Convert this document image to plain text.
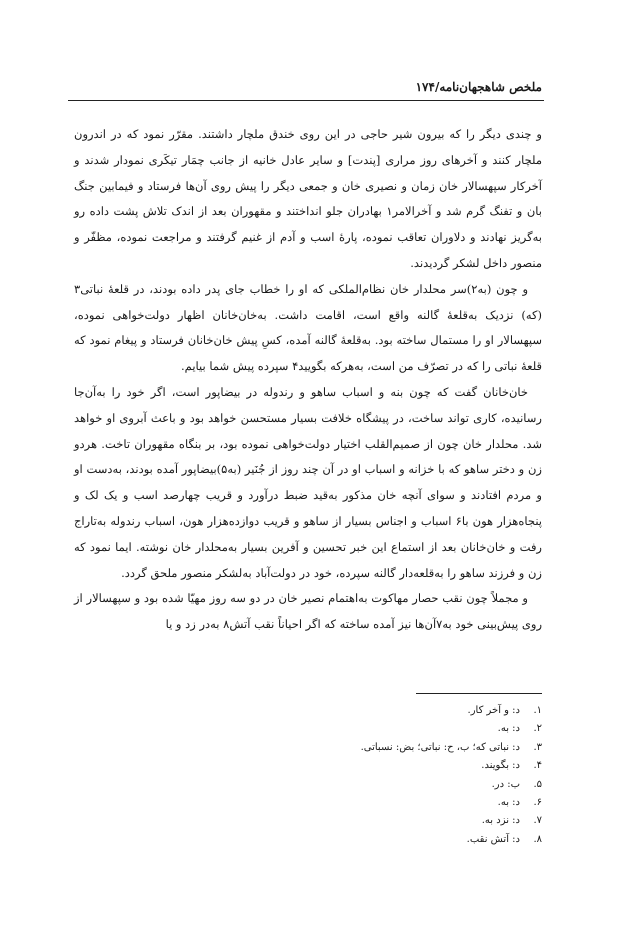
ملخص شاهجهان‌نامه/۱۷۴

و چندی دیگر را که بیرون شیر حاجی در این روی خندق ملچار داشتند. مقرّر نمود که در اندرون ملچار کنند و آخرهای روز مراری [پندت] و سایر عادل خانیه از جانب چمَار تیکَری نمودار شدند و آخرکار سپهسالار خان زمان و نصیری خان و جمعی دیگر را پیش روی آن‌ها فرستاد و فیمابین جنگ بان و تفنگ گرم شد و آخرالامر۱ بهادران جلو انداختند و مقهوران بعد از اندک تلاش پشت داده رو به‌گریز نهادند و دلاوران تعاقب نموده، پارهٔ اسب و آدم از غنیم گرفتند و مراجعت نموده، مظفّر و منصور داخل لشکر گردیدند.

و چون (به۲)سر محلدار خان نظام‌الملکی که او را خطاب جای پدر داده بودند، در قلعهٔ نباتی۳ (که) نزدیک به‌قلعهٔ گالنه واقع است، اقامت داشت. به‌خان‌خانان اظهار دولت‌خواهی نموده، سپهسالار او را مستمال ساخته بود. به‌قلعهٔ گالنه آمده، کسِ پیش خان‌خانان فرستاد و پیغام نمود که قلعهٔ نباتی را که در تصرّف من است، به‌هرکه بگویید۴ سپرده پیش شما بیایم.

خان‌خانان گفت که چون بنه و اسباب ساهو و رندوله در بیضاپور است، اگر خود را به‌آن‌جا رسانیده، کاری تواند ساخت، در پیشگاه خلافت بسیار مستحسن خواهد بود و باعث آبروی او خواهد شد. محلدار خان چون از صمیم‌القلب اختیار دولت‌خواهی نموده بود، بر بنگاه مقهوران تاخت. هردو زن و دختر ساهو که با خزانه و اسباب او در آن چند روز از جُنَیر (به۵)بیضاپور آمده بودند، به‌دست او و مردم افتادند و سوای آنچه خان مذکور به‌قید ضبط درآورد و قریب چهارصد اسب و یک لک و پنجاه‌هزار هون با۶ اسباب و اجناس بسیار از ساهو و قریب دوازده‌هزار هون، اسباب رندوله به‌تاراج رفت و خان‌خانان بعد از استماع این خبر تحسین و آفرین بسیار به‌محلدار خان نوشته. ایما نمود که زن و فرزند ساهو را به‌قلعه‌دار گالنه سپرده، خود در دولت‌آباد به‌لشکر منصور ملحق گردد.

و مجملاً چون نقب حصار مهاکوت به‌اهتمام نصیر خان در دو سه روز مهیّا شده بود و سپهسالار از روی پیش‌بینی خود به۷آن‌ها نیز آمده ساخته که اگر احیاناً نقب آتش۸ به‌در زد و یا

۱.د: و آخر کار.
۲.د: به.
۳.د: نباتی که؛ ب، ح: نباتی؛ بض: نسباتی.
۴.د: بگویند.
۵.ب: در.
۶.د: به.
۷.د: نزد به.
۸.د: آتش نقب.
